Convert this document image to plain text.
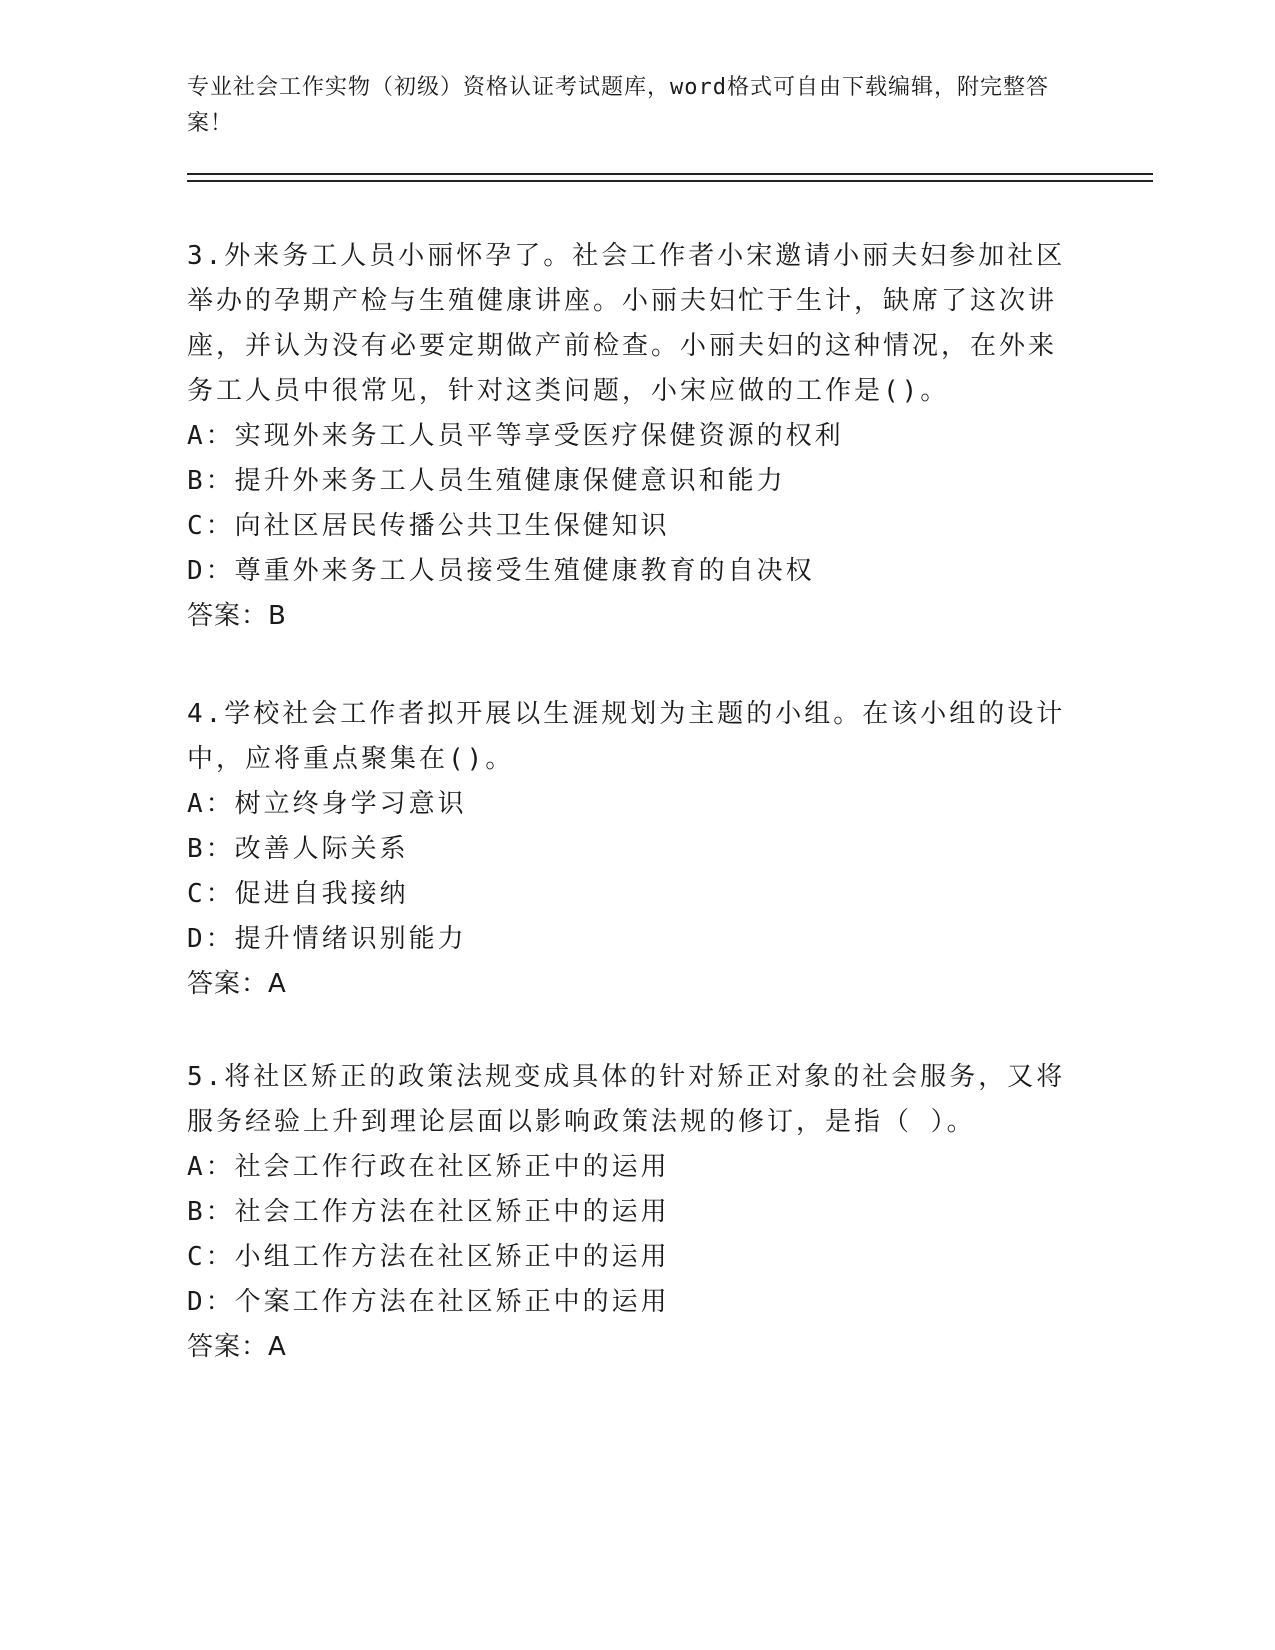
专业社会工作实物（初级）资格认证考试题库，word格式可自由下载编辑，附完整答案！

3.外来务工人员小丽怀孕了。社会工作者小宋邀请小丽夫妇参加社区举办的孕期产检与生殖健康讲座。小丽夫妇忙于生计，缺席了这次讲座，并认为没有必要定期做产前检查。小丽夫妇的这种情况，在外来务工人员中很常见，针对这类问题，小宋应做的工作是()。

A：实现外来务工人员平等享受医疗保健资源的权利
B：提升外来务工人员生殖健康保健意识和能力
C：向社区居民传播公共卫生保健知识
D：尊重外来务工人员接受生殖健康教育的自决权
答案：B

4.学校社会工作者拟开展以生涯规划为主题的小组。在该小组的设计中，应将重点聚集在()。

A：树立终身学习意识
B：改善人际关系
C：促进自我接纳
D：提升情绪识别能力
答案：A

5.将社区矫正的政策法规变成具体的针对矫正对象的社会服务，又将服务经验上升到理论层面以影响政策法规的修订，是指（ ）。

A：社会工作行政在社区矫正中的运用
B：社会工作方法在社区矫正中的运用
C：小组工作方法在社区矫正中的运用
D：个案工作方法在社区矫正中的运用
答案：A
